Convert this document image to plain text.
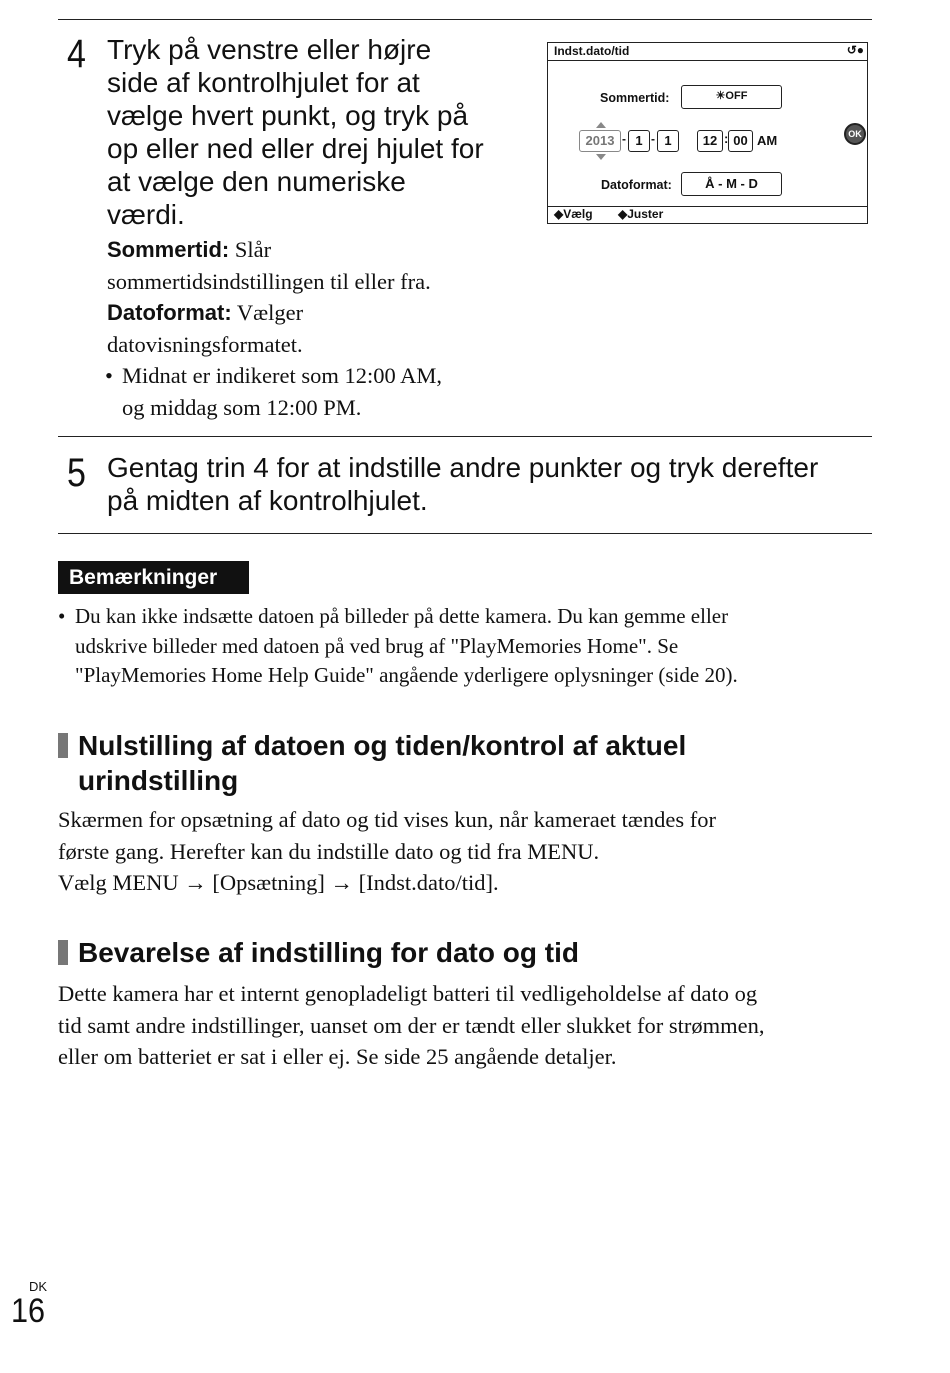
4 Tryk på venstre eller højre
side af kontrolhjulet for at
vælge hvert punkt, og tryk på
op eller ned eller drej hjulet for
at vælge den numeriske
værdi.
Sommertid: Slår
sommertidsindstillingen til eller fra.
Datoformat: Vælger
datovisningsformatet.
• Midnat er indikeret som 12:00 AM,
og middag som 12:00 PM.
Indst.dato/tid	↺●
Sommertid:	☀OFF
2013 - 1 - 1	12 : 00 AM	OK
Datoformat:	Å - M - D
◆Vælg ◆Juster
5 Gentag trin 4 for at indstille andre punkter og tryk derefter
på midten af kontrolhjulet.
Bemærkninger
• Du kan ikke indsætte datoen på billeder på dette kamera. Du kan gemme eller
udskrive billeder med datoen på ved brug af "PlayMemories Home". Se
"PlayMemories Home Help Guide" angående yderligere oplysninger (side 20).
Nulstilling af datoen og tiden/kontrol af aktuel
urindstilling
Skærmen for opsætning af dato og tid vises kun, når kameraet tændes for
første gang. Herefter kan du indstille dato og tid fra MENU.
Vælg MENU → [Opsætning] → [Indst.dato/tid].
Bevarelse af indstilling for dato og tid
Dette kamera har et internt genopladeligt batteri til vedligeholdelse af dato og
tid samt andre indstillinger, uanset om der er tændt eller slukket for strømmen,
eller om batteriet er sat i eller ej. Se side 25 angående detaljer.
DK
16
